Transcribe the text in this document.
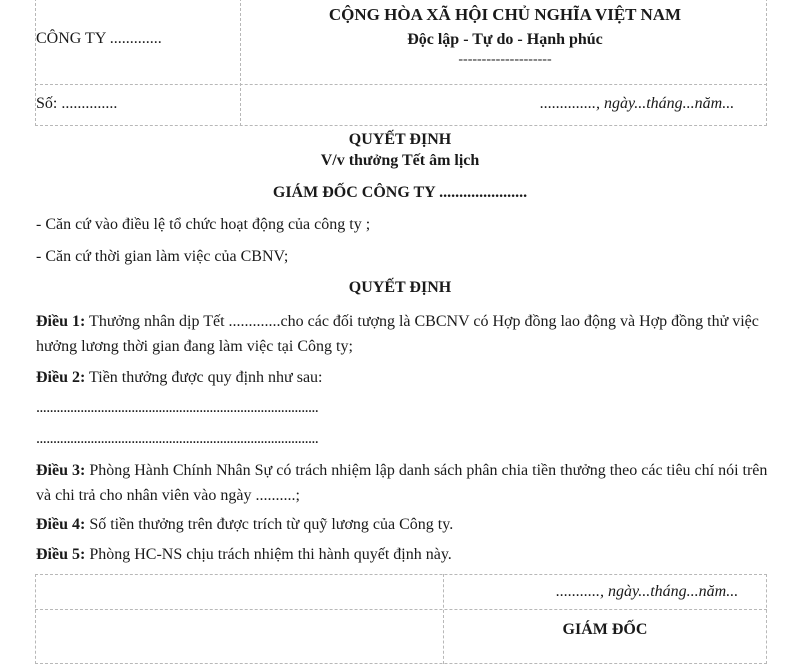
CÔNG TY .............
CỘNG HÒA XÃ HỘI CHỦ NGHĨA VIỆT NAM
Độc lập - Tự do - Hạnh phúc
--------------------
Số: ..............	.............., ngày...tháng...năm...
QUYẾT ĐỊNH
V/v thưởng Tết âm lịch
GIÁM ĐỐC CÔNG TY ......................
- Căn cứ vào điều lệ tổ chức hoạt động của công ty ;
- Căn cứ thời gian làm việc của CBNV;
QUYẾT ĐỊNH
Điều 1: Thưởng nhân dịp Tết .............cho các đối tượng là CBCNV có Hợp đồng lao động và Hợp đồng thử việc hưởng lương thời gian đang làm việc tại Công ty;
Điều 2: Tiền thưởng được quy định như sau:
...................................................................................
...................................................................................
Điều 3: Phòng Hành Chính Nhân Sự có trách nhiệm lập danh sách phân chia tiền thưởng theo các tiêu chí nói trên và chi trả cho nhân viên vào ngày ..........;
Điều 4: Số tiền thưởng trên được trích từ quỹ lương của Công ty.
Điều 5: Phòng HC-NS chịu trách nhiệm thi hành quyết định này.
..........., ngày...tháng...năm...
GIÁM ĐỐC
